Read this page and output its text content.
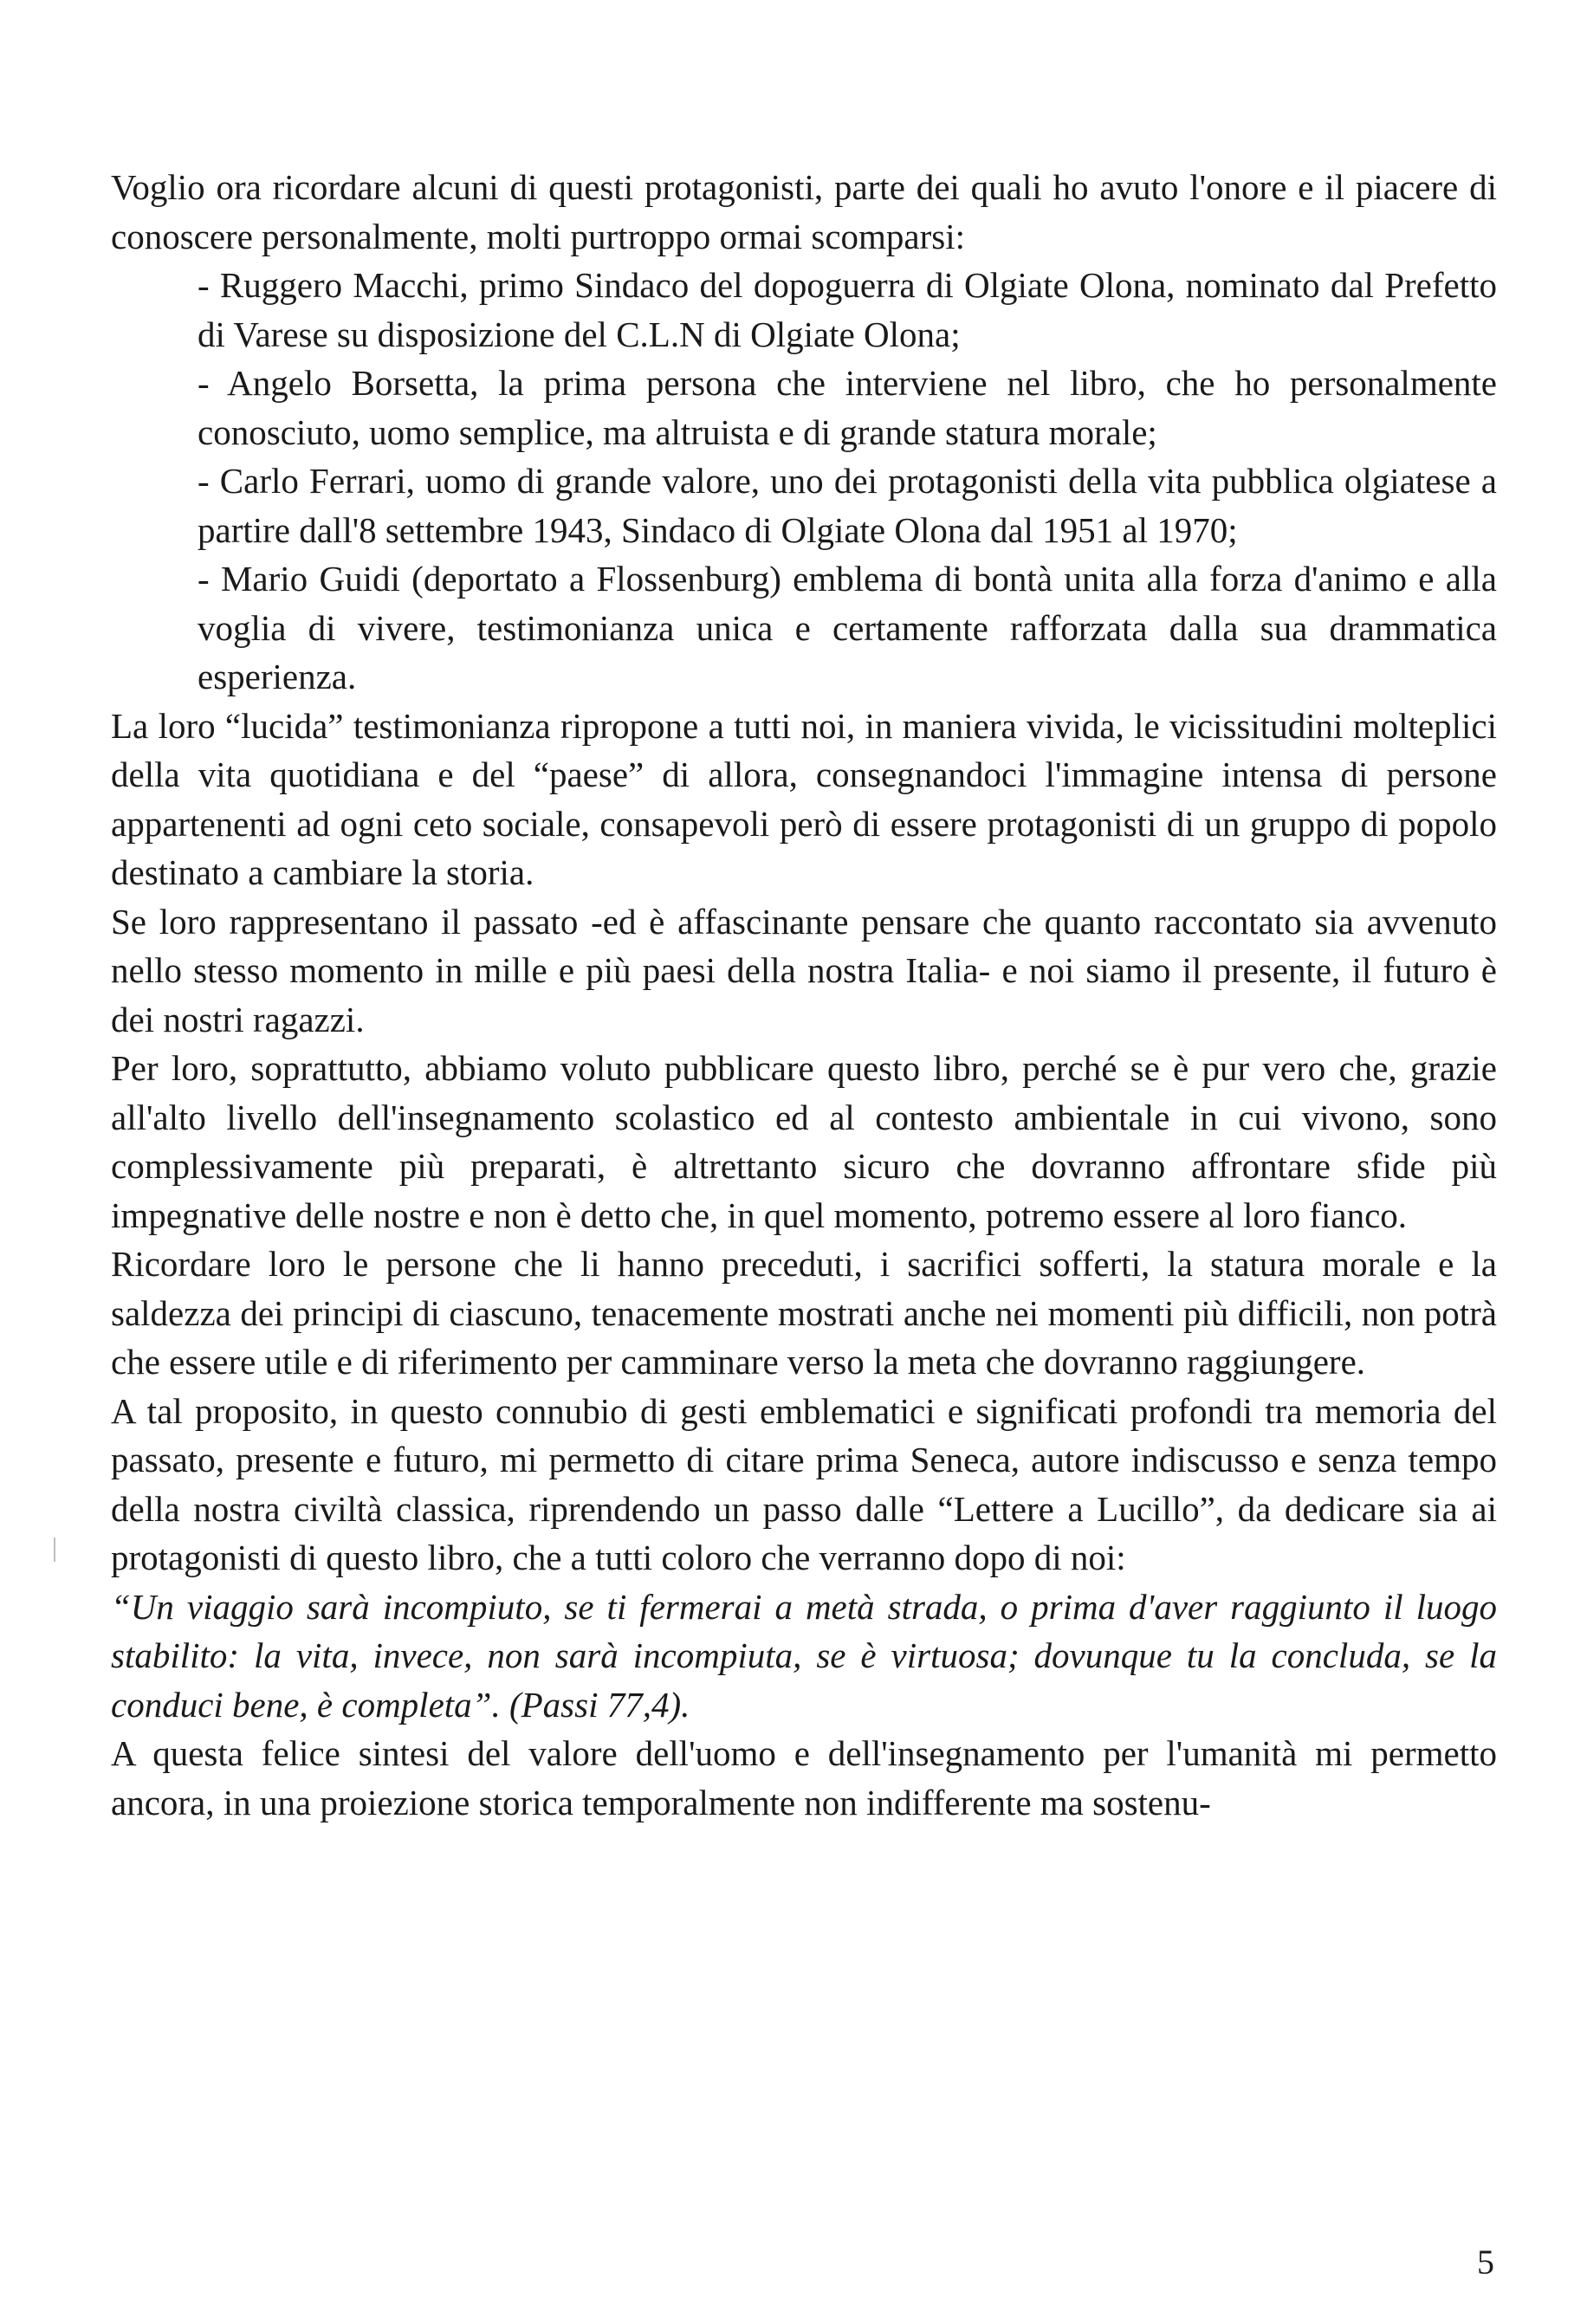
Voglio ora ricordare alcuni di questi protagonisti, parte dei quali ho avuto l'onore e il piacere di conoscere personalmente, molti purtroppo ormai scomparsi:

- Ruggero Macchi, primo Sindaco del dopoguerra di Olgiate Olona, nominato dal Prefetto di Varese su disposizione del C.L.N di Olgiate Olona;

- Angelo Borsetta, la prima persona che interviene nel libro, che ho personalmente conosciuto, uomo semplice, ma altruista e di grande statura morale;

- Carlo Ferrari, uomo di grande valore, uno dei protagonisti della vita pubblica olgiatese a partire dall'8 settembre 1943, Sindaco di Olgiate Olona dal 1951 al 1970;

- Mario Guidi (deportato a Flossenburg) emblema di bontà unita alla forza d'animo e alla voglia di vivere, testimonianza unica e certamente rafforzata dalla sua drammatica esperienza.

La loro “lucida” testimonianza ripropone a tutti noi, in maniera vivida, le vicissitudini molteplici della vita quotidiana e del “paese” di allora, consegnandoci l'immagine intensa di persone appartenenti ad ogni ceto sociale, consapevoli però di essere protagonisti di un gruppo di popolo destinato a cambiare la storia.

Se loro rappresentano il passato -ed è affascinante pensare che quanto raccontato sia avvenuto nello stesso momento in mille e più paesi della nostra Italia- e noi siamo il presente, il futuro è dei nostri ragazzi.

Per loro, soprattutto, abbiamo voluto pubblicare questo libro, perché se è pur vero che, grazie all'alto livello dell'insegnamento scolastico ed al contesto ambientale in cui vivono, sono complessivamente più preparati, è altrettanto sicuro che dovranno affrontare sfide più impegnative delle nostre e non è detto che, in quel momento, potremo essere al loro fianco.

Ricordare loro le persone che li hanno preceduti, i sacrifici sofferti, la statura morale e la saldezza dei principi di ciascuno, tenacemente mostrati anche nei momenti più difficili, non potrà che essere utile e di riferimento per camminare verso la meta che dovranno raggiungere.

A tal proposito, in questo connubio di gesti emblematici e significati profondi tra memoria del passato, presente e futuro, mi permetto di citare prima Seneca, autore indiscusso e senza tempo della nostra civiltà classica, riprendendo un passo dalle “Lettere a Lucillo”, da dedicare sia ai protagonisti di questo libro, che a tutti coloro che verranno dopo di noi:

“Un viaggio sarà incompiuto, se ti fermerai a metà strada, o prima d'aver raggiunto il luogo stabilito: la vita, invece, non sarà incompiuta, se è virtuosa; dovunque tu la concluda, se la conduci bene, è completa”. (Passi 77,4).

A questa felice sintesi del valore dell'uomo e dell'insegnamento per l'umanità mi permetto ancora, in una proiezione storica temporalmente non indifferente ma sostenu-

5
